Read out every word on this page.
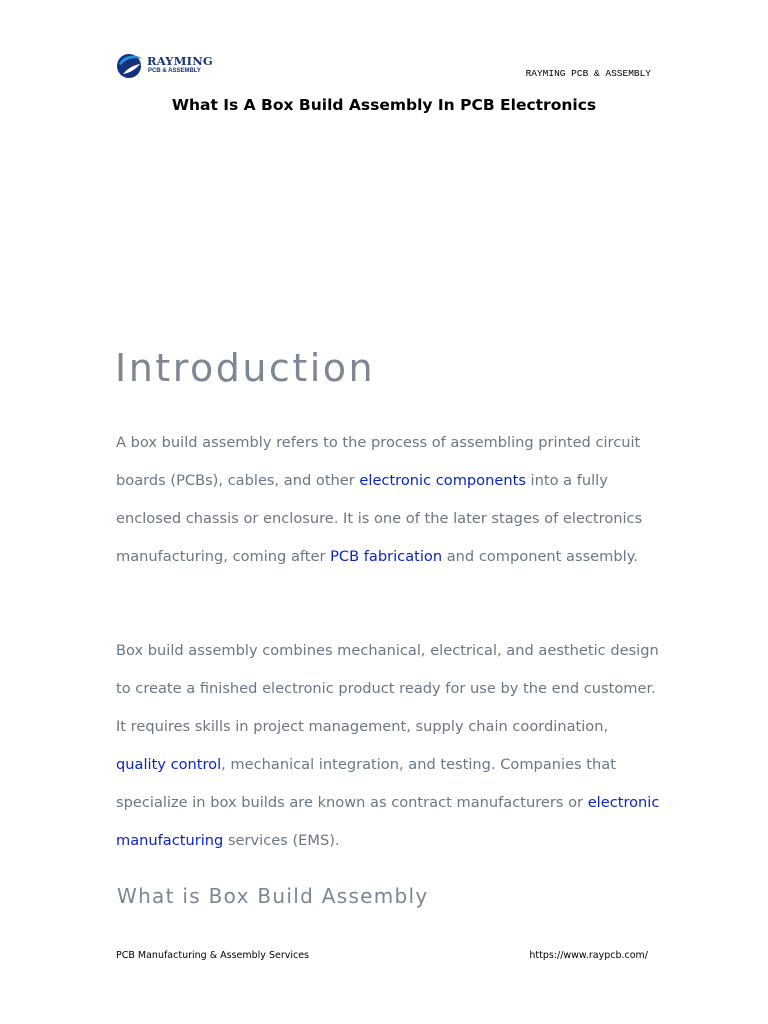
RAYMING
PCB & ASSEMBLY	RAYMING PCB & ASSEMBLY
What Is A Box Build Assembly In PCB Electronics
Introduction

A box build assembly refers to the process of assembling printed circuit boards (PCBs), cables, and other electronic components into a fully enclosed chassis or enclosure. It is one of the later stages of electronics manufacturing, coming after PCB fabrication and component assembly.

Box build assembly combines mechanical, electrical, and aesthetic design to create a finished electronic product ready for use by the end customer. It requires skills in project management, supply chain coordination, quality control, mechanical integration, and testing. Companies that specialize in box builds are known as contract manufacturers or electronic manufacturing services (EMS).

What is Box Build Assembly
PCB Manufacturing & Assembly Services	https://www.raypcb.com/
